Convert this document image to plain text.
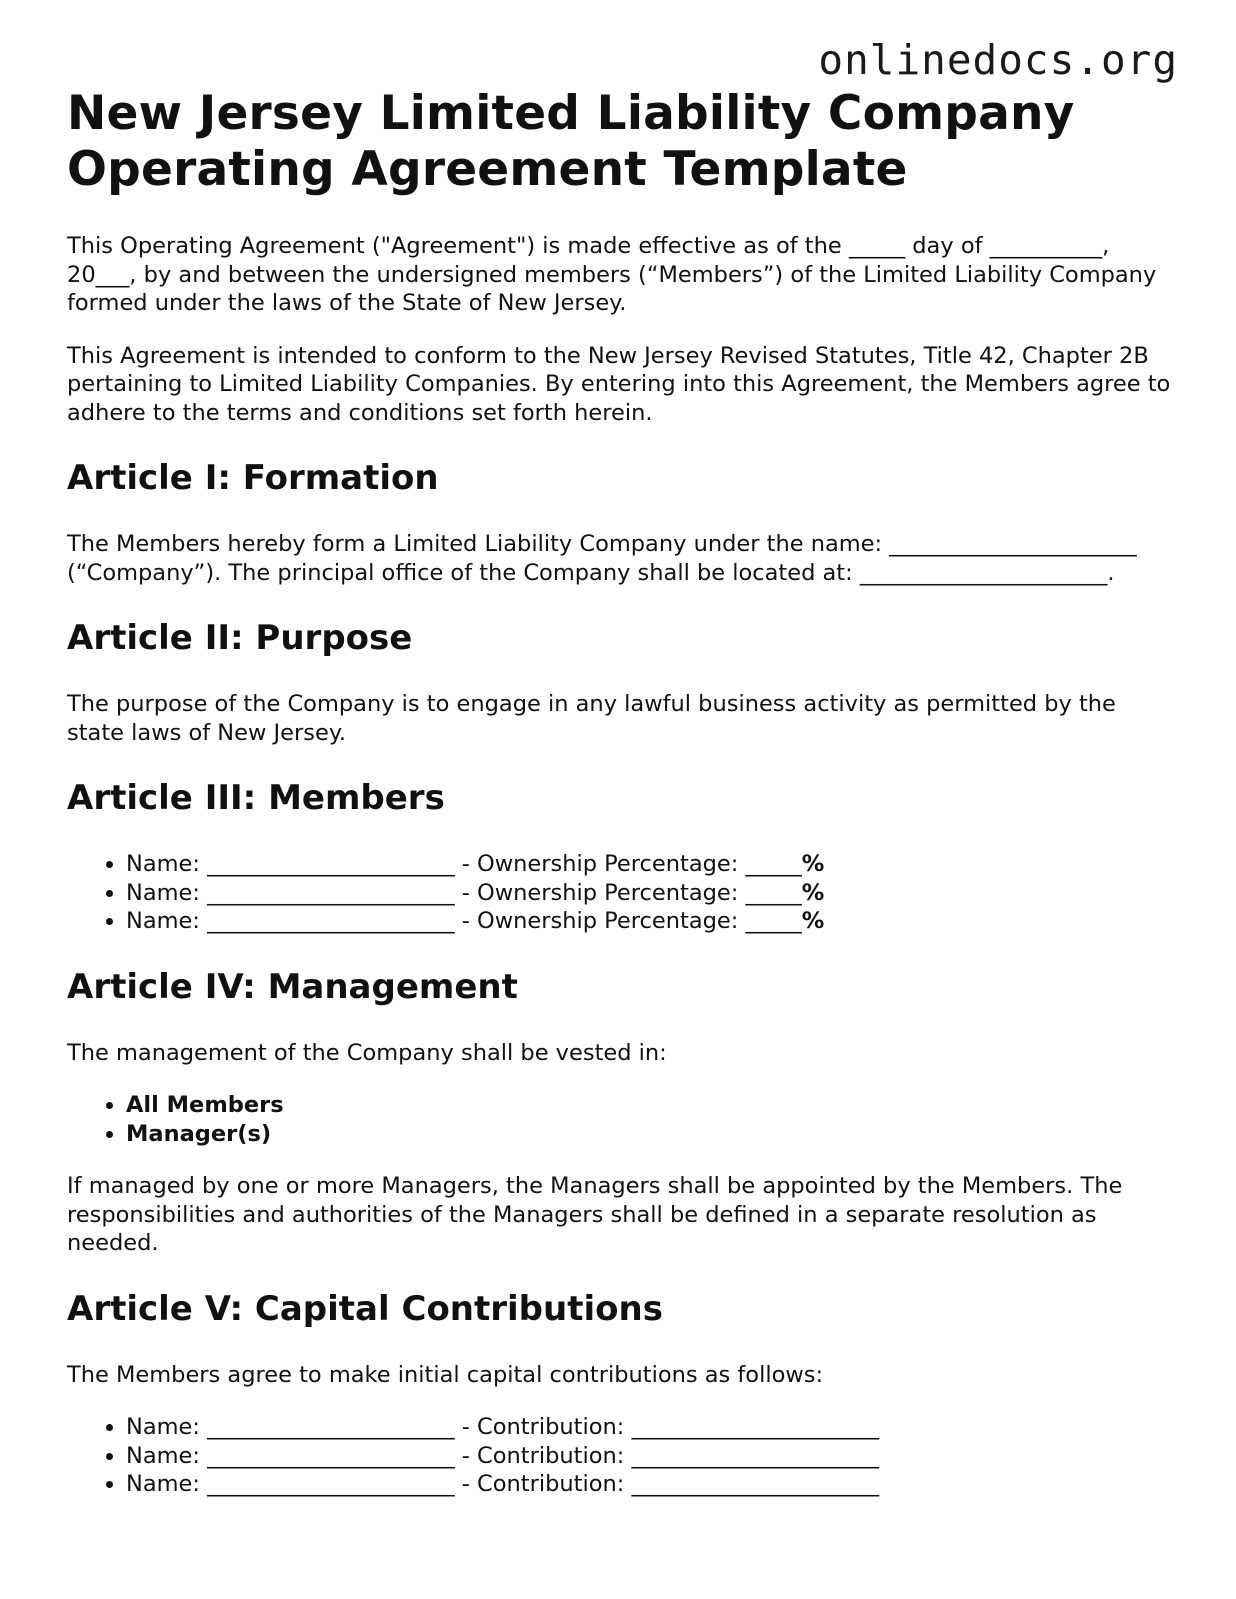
onlinedocs.org
New Jersey Limited Liability Company Operating Agreement Template

This Operating Agreement ("Agreement") is made effective as of the _____ day of __________, 20___, by and between the undersigned members (“Members”) of the Limited Liability Company formed under the laws of the State of New Jersey.

This Agreement is intended to conform to the New Jersey Revised Statutes, Title 42, Chapter 2B pertaining to Limited Liability Companies. By entering into this Agreement, the Members agree to adhere to the terms and conditions set forth herein.

Article I: Formation

The Members hereby form a Limited Liability Company under the name: ______________________ (“Company”). The principal office of the Company shall be located at: ______________________.

Article II: Purpose

The purpose of the Company is to engage in any lawful business activity as permitted by the state laws of New Jersey.

Article III: Members
• Name: ______________________ - Ownership Percentage: _____%
• Name: ______________________ - Ownership Percentage: _____%
• Name: ______________________ - Ownership Percentage: _____%
Article IV: Management

The management of the Company shall be vested in:

• All Members
• Manager(s)

If managed by one or more Managers, the Managers shall be appointed by the Members. The responsibilities and authorities of the Managers shall be defined in a separate resolution as needed.

Article V: Capital Contributions

The Members agree to make initial capital contributions as follows:

• Name: ______________________ - Contribution: ______________________
• Name: ______________________ - Contribution: ______________________
• Name: ______________________ - Contribution: ______________________
